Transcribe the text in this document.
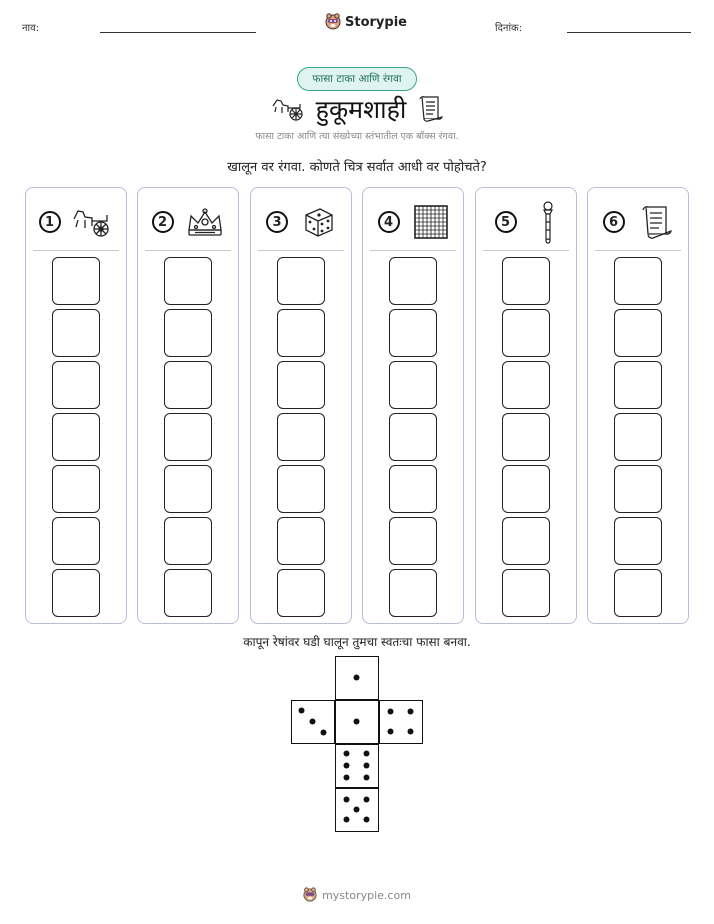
नाव:	Storypie	दिनांक:
फासा टाका आणि रंगवा
हुकूमशाही
फासा टाका आणि त्या संख्येच्या स्तंभातील एक बॉक्स रंगवा.
खालून वर रंगवा. कोणते चित्र सर्वात आधी वर पोहोचते?
1	2	3	4	5	6
कापून रेषांवर घडी घालून तुमचा स्वतःचा फासा बनवा.
mystorypie.com
